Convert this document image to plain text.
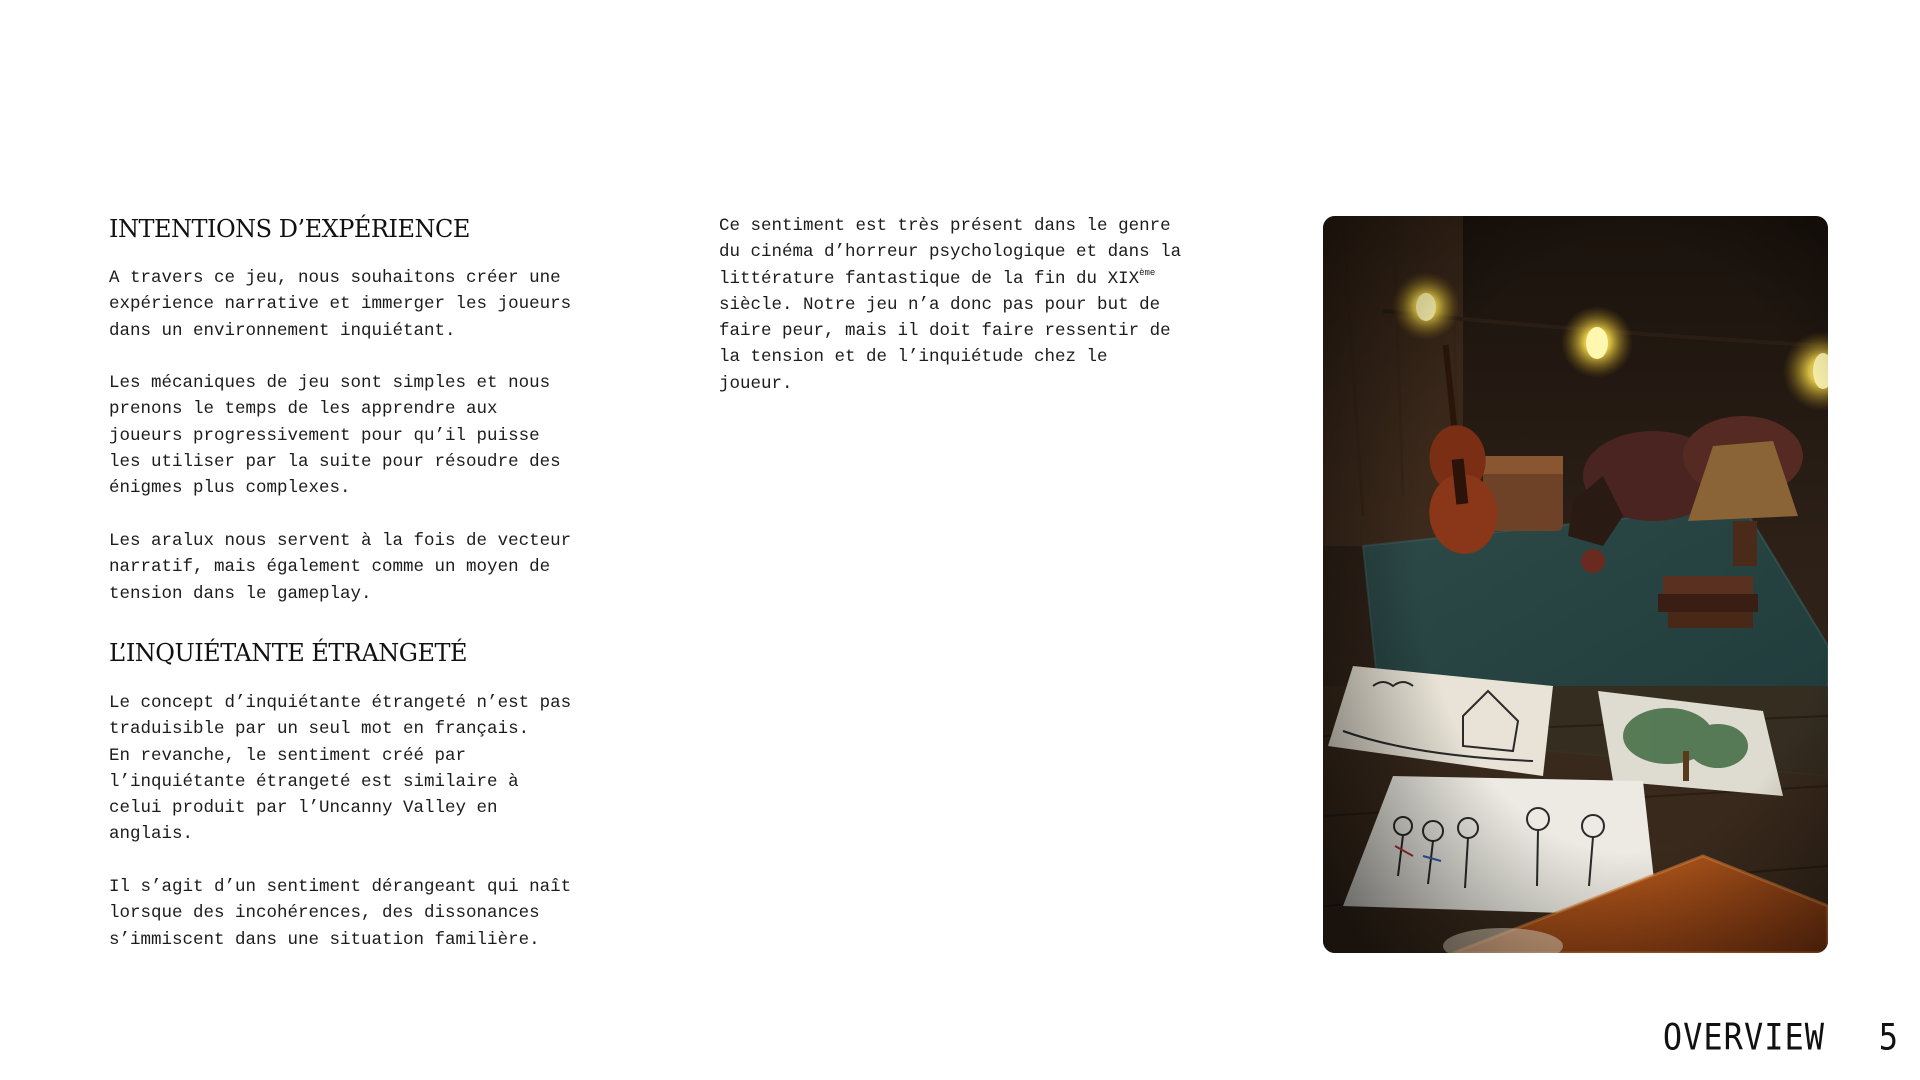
INTENTIONS D’EXPÉRIENCE

A travers ce jeu, nous souhaitons créer une
expérience narrative et immerger les joueurs
dans un environnement inquiétant.

Les mécaniques de jeu sont simples et nous
prenons le temps de les apprendre aux
joueurs progressivement pour qu’il puisse
les utiliser par la suite pour résoudre des
énigmes plus complexes.

Les aralux nous servent à la fois de vecteur
narratif, mais également comme un moyen de
tension dans le gameplay.

L’INQUIÉTANTE ÉTRANGETÉ

Le concept d’inquiétante étrangeté n’est pas
traduisible par un seul mot en français.
En revanche, le sentiment créé par
l’inquiétante étrangeté est similaire à
celui produit par l’Uncanny Valley en
anglais.

Il s’agit d’un sentiment dérangeant qui naît
lorsque des incohérences, des dissonances
s’immiscent dans une situation familière.

Ce sentiment est très présent dans le genre
du cinéma d’horreur psychologique et dans la
littérature fantastique de la fin du XIXème
siècle. Notre jeu n’a donc pas pour but de
faire peur, mais il doit faire ressentir de
la tension et de l’inquiétude chez le
joueur.
OVERVIEW 5
